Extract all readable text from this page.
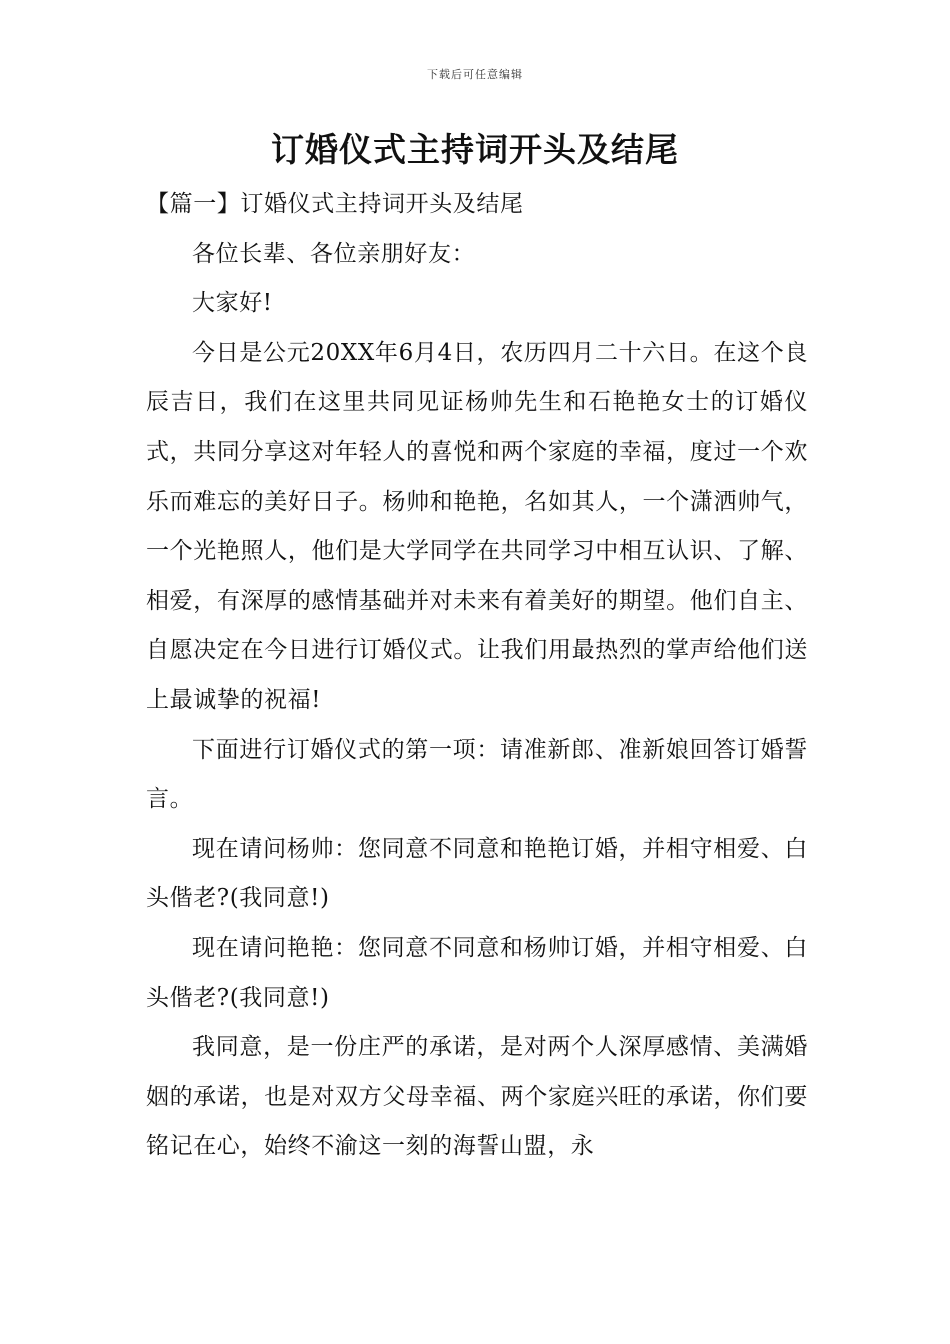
下载后可任意编辑
订婚仪式主持词开头及结尾

【篇一】订婚仪式主持词开头及结尾

各位长辈、各位亲朋好友：

大家好!

今日是公元20XX年6月4日，农历四月二十六日。在这个良辰吉日，我们在这里共同见证杨帅先生和石艳艳女士的订婚仪式，共同分享这对年轻人的喜悦和两个家庭的幸福，度过一个欢乐而难忘的美好日子。杨帅和艳艳，名如其人，一个潇洒帅气，一个光艳照人，他们是大学同学在共同学习中相互认识、了解、相爱，有深厚的感情基础并对未来有着美好的期望。他们自主、自愿决定在今日进行订婚仪式。让我们用最热烈的掌声给他们送上最诚挚的祝福!

下面进行订婚仪式的第一项：请准新郎、准新娘回答订婚誓言。

现在请问杨帅：您同意不同意和艳艳订婚，并相守相爱、白头偕老?(我同意!)

现在请问艳艳：您同意不同意和杨帅订婚，并相守相爱、白头偕老?(我同意!)

我同意，是一份庄严的承诺，是对两个人深厚感情、美满婚姻的承诺，也是对双方父母幸福、两个家庭兴旺的承诺，你们要铭记在心，始终不渝这一刻的海誓山盟，永
